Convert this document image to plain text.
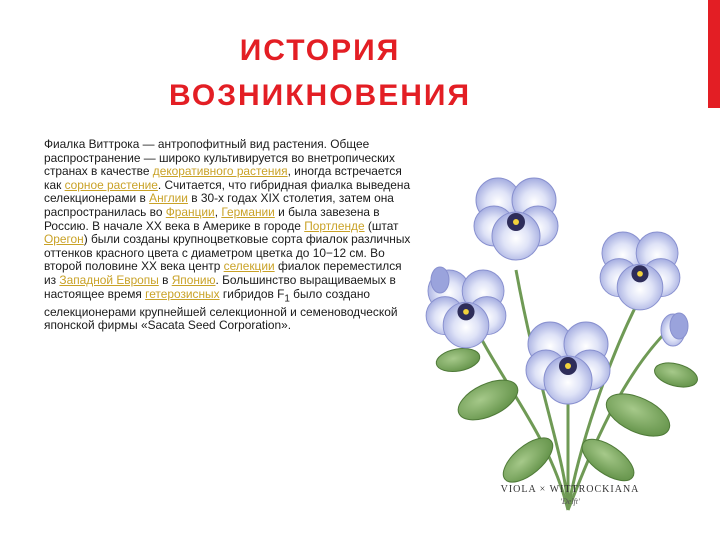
ИСТОРИЯ
ВОЗНИКНОВЕНИЯ
Фиалка Виттрока — антропофитный вид растения. Общее распространение — широко культивируется во внетропических странах в качестве декоративного растения, иногда встречается как сорное растение. Считается, что гибридная фиалка выведена селекционерами в Англии в 30-х годах XIX столетия, затем она распространилась во Франции, Германии и была завезена в Россию. В начале XX века в Америке в городе Портленде (штат Орегон) были созданы крупноцветковые сорта фиалок различных оттенков красного цвета с диаметром цветка до 10−12 см. Во второй половине XX века центр селекции фиалок переместился из Западной Европы в Японию. Большинство выращиваемых в настоящее время гетерозисных гибридов $F_1$ было создано селекционерами крупнейшей селекционной и семеноводческой японской фирмы «Sacata Seed Corporation».
VIOLA × WITTROCKIANA
'Delft'
